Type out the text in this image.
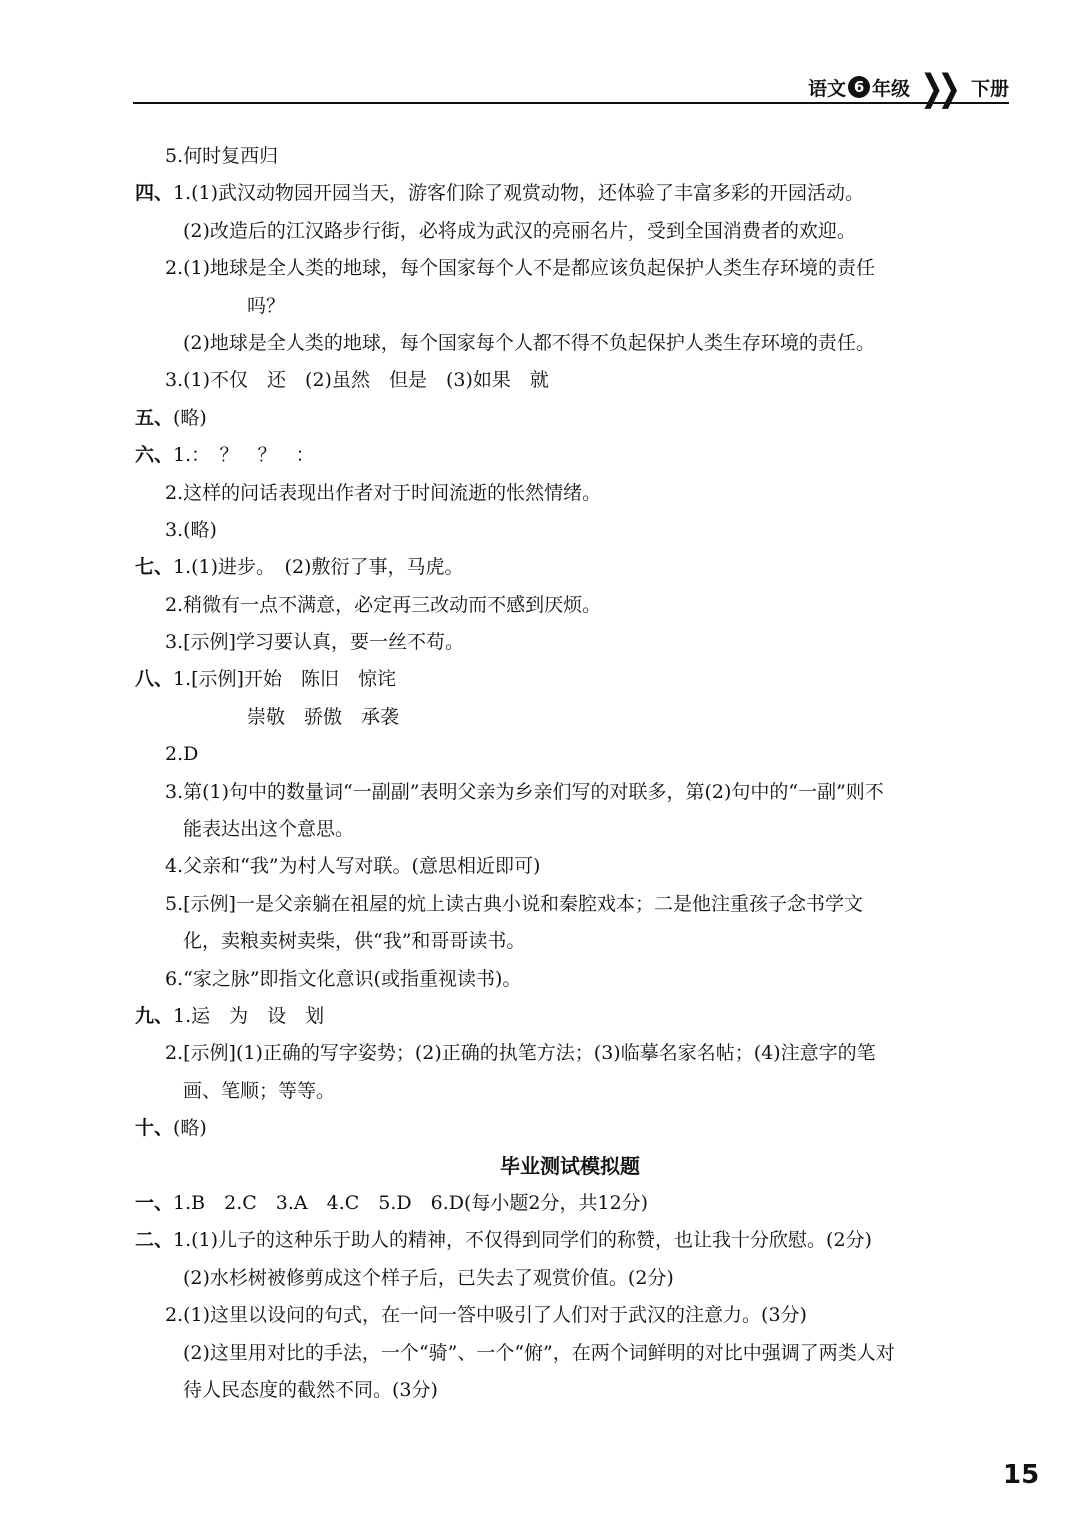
语文 6 年级 ❯❯ 下册
5.何时复西归
四、1.(1)武汉动物园开园当天，游客们除了观赏动物，还体验了丰富多彩的开园活动。
(2)改造后的江汉路步行街，必将成为武汉的亮丽名片，受到全国消费者的欢迎。
2.(1)地球是全人类的地球，每个国家每个人不是都应该负起保护人类生存环境的责任
吗？
(2)地球是全人类的地球，每个国家每个人都不得不负起保护人类生存环境的责任。
3.(1)不仅　还　(2)虽然　但是　(3)如果　就
五、(略)
六、1.：　？　？　：
2.这样的问话表现出作者对于时间流逝的怅然情绪。
3.(略)
七、1.(1)进步。　(2)敷衍了事，马虎。
2.稍微有一点不满意，必定再三改动而不感到厌烦。
3.[示例]学习要认真，要一丝不苟。
八、1.[示例]开始　陈旧　惊诧
崇敬　骄傲　承袭
2.D
3.第(1)句中的数量词“一副副”表明父亲为乡亲们写的对联多，第(2)句中的“一副”则不
能表达出这个意思。
4.父亲和“我”为村人写对联。(意思相近即可)
5.[示例]一是父亲躺在祖屋的炕上读古典小说和秦腔戏本；二是他注重孩子念书学文
化，卖粮卖树卖柴，供“我”和哥哥读书。
6.“家之脉”即指文化意识(或指重视读书)。
九、1.运　为　设　划
2.[示例](1)正确的写字姿势；(2)正确的执笔方法；(3)临摹名家名帖；(4)注意字的笔
画、笔顺；等等。
十、(略)
毕业测试模拟题
一、1.B　2.C　3.A　4.C　5.D　6.D(每小题2分，共12分)
二、1.(1)儿子的这种乐于助人的精神，不仅得到同学们的称赞，也让我十分欣慰。(2分)
(2)水杉树被修剪成这个样子后，已失去了观赏价值。(2分)
2.(1)这里以设问的句式，在一问一答中吸引了人们对于武汉的注意力。(3分)
(2)这里用对比的手法，一个“骑”、一个“俯”，在两个词鲜明的对比中强调了两类人对
待人民态度的截然不同。(3分)
15
